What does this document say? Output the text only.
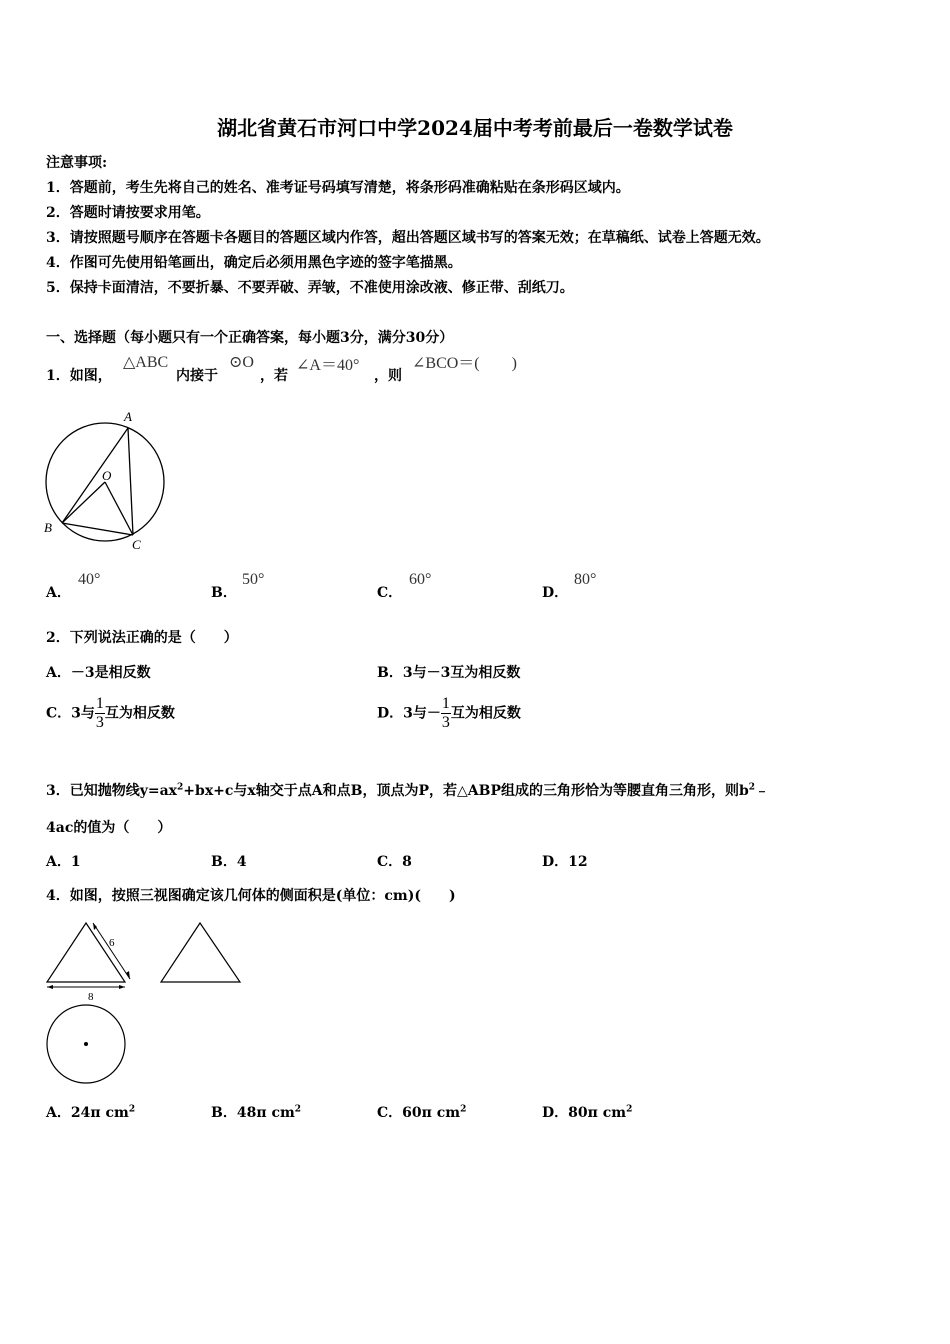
湖北省黄石市河口中学2024届中考考前最后一卷数学试卷
注意事项:
1．答题前，考生先将自己的姓名、准考证号码填写清楚，将条形码准确粘贴在条形码区域内。
2．答题时请按要求用笔。
3．请按照题号顺序在答题卡各题目的答题区域内作答，超出答题区域书写的答案无效；在草稿纸、试卷上答题无效。
4．作图可先使用铅笔画出，确定后必须用黑色字迹的签字笔描黑。
5．保持卡面清洁，不要折暴、不要弄破、弄皱，不准使用涂改液、修正带、刮纸刀。
一、选择题（每小题只有一个正确答案，每小题3分，满分30分）
1．如图，
△ABC
内接于
⊙O
，若
∠A＝40°
，则
∠BCO＝(　　)
A
O
B
C
A．
40°
B．
50°
C．
60°
D．
80°
2．下列说法正确的是（　　）
A．－3是相反数	B．3与－3互为相反数
C．3与 $\frac{1}{3}$ 互为相反数	D．3与－ $\frac{1}{3}$ 互为相反数
3．已知抛物线$y=ax^2+bx+c$与x轴交于点A和点B，顶点为P，若△ABP组成的三角形恰为等腰直角三角形，则$b^2﹣$
4ac的值为（　　）
A．1	B．4	C．8	D．12
4．如图，按照三视图确定该几何体的侧面积是(单位：cm)(　　)
6
8
A．24π $cm^2$	B．48π $cm^2$	C．60π $cm^2$	D．80π $cm^2$
